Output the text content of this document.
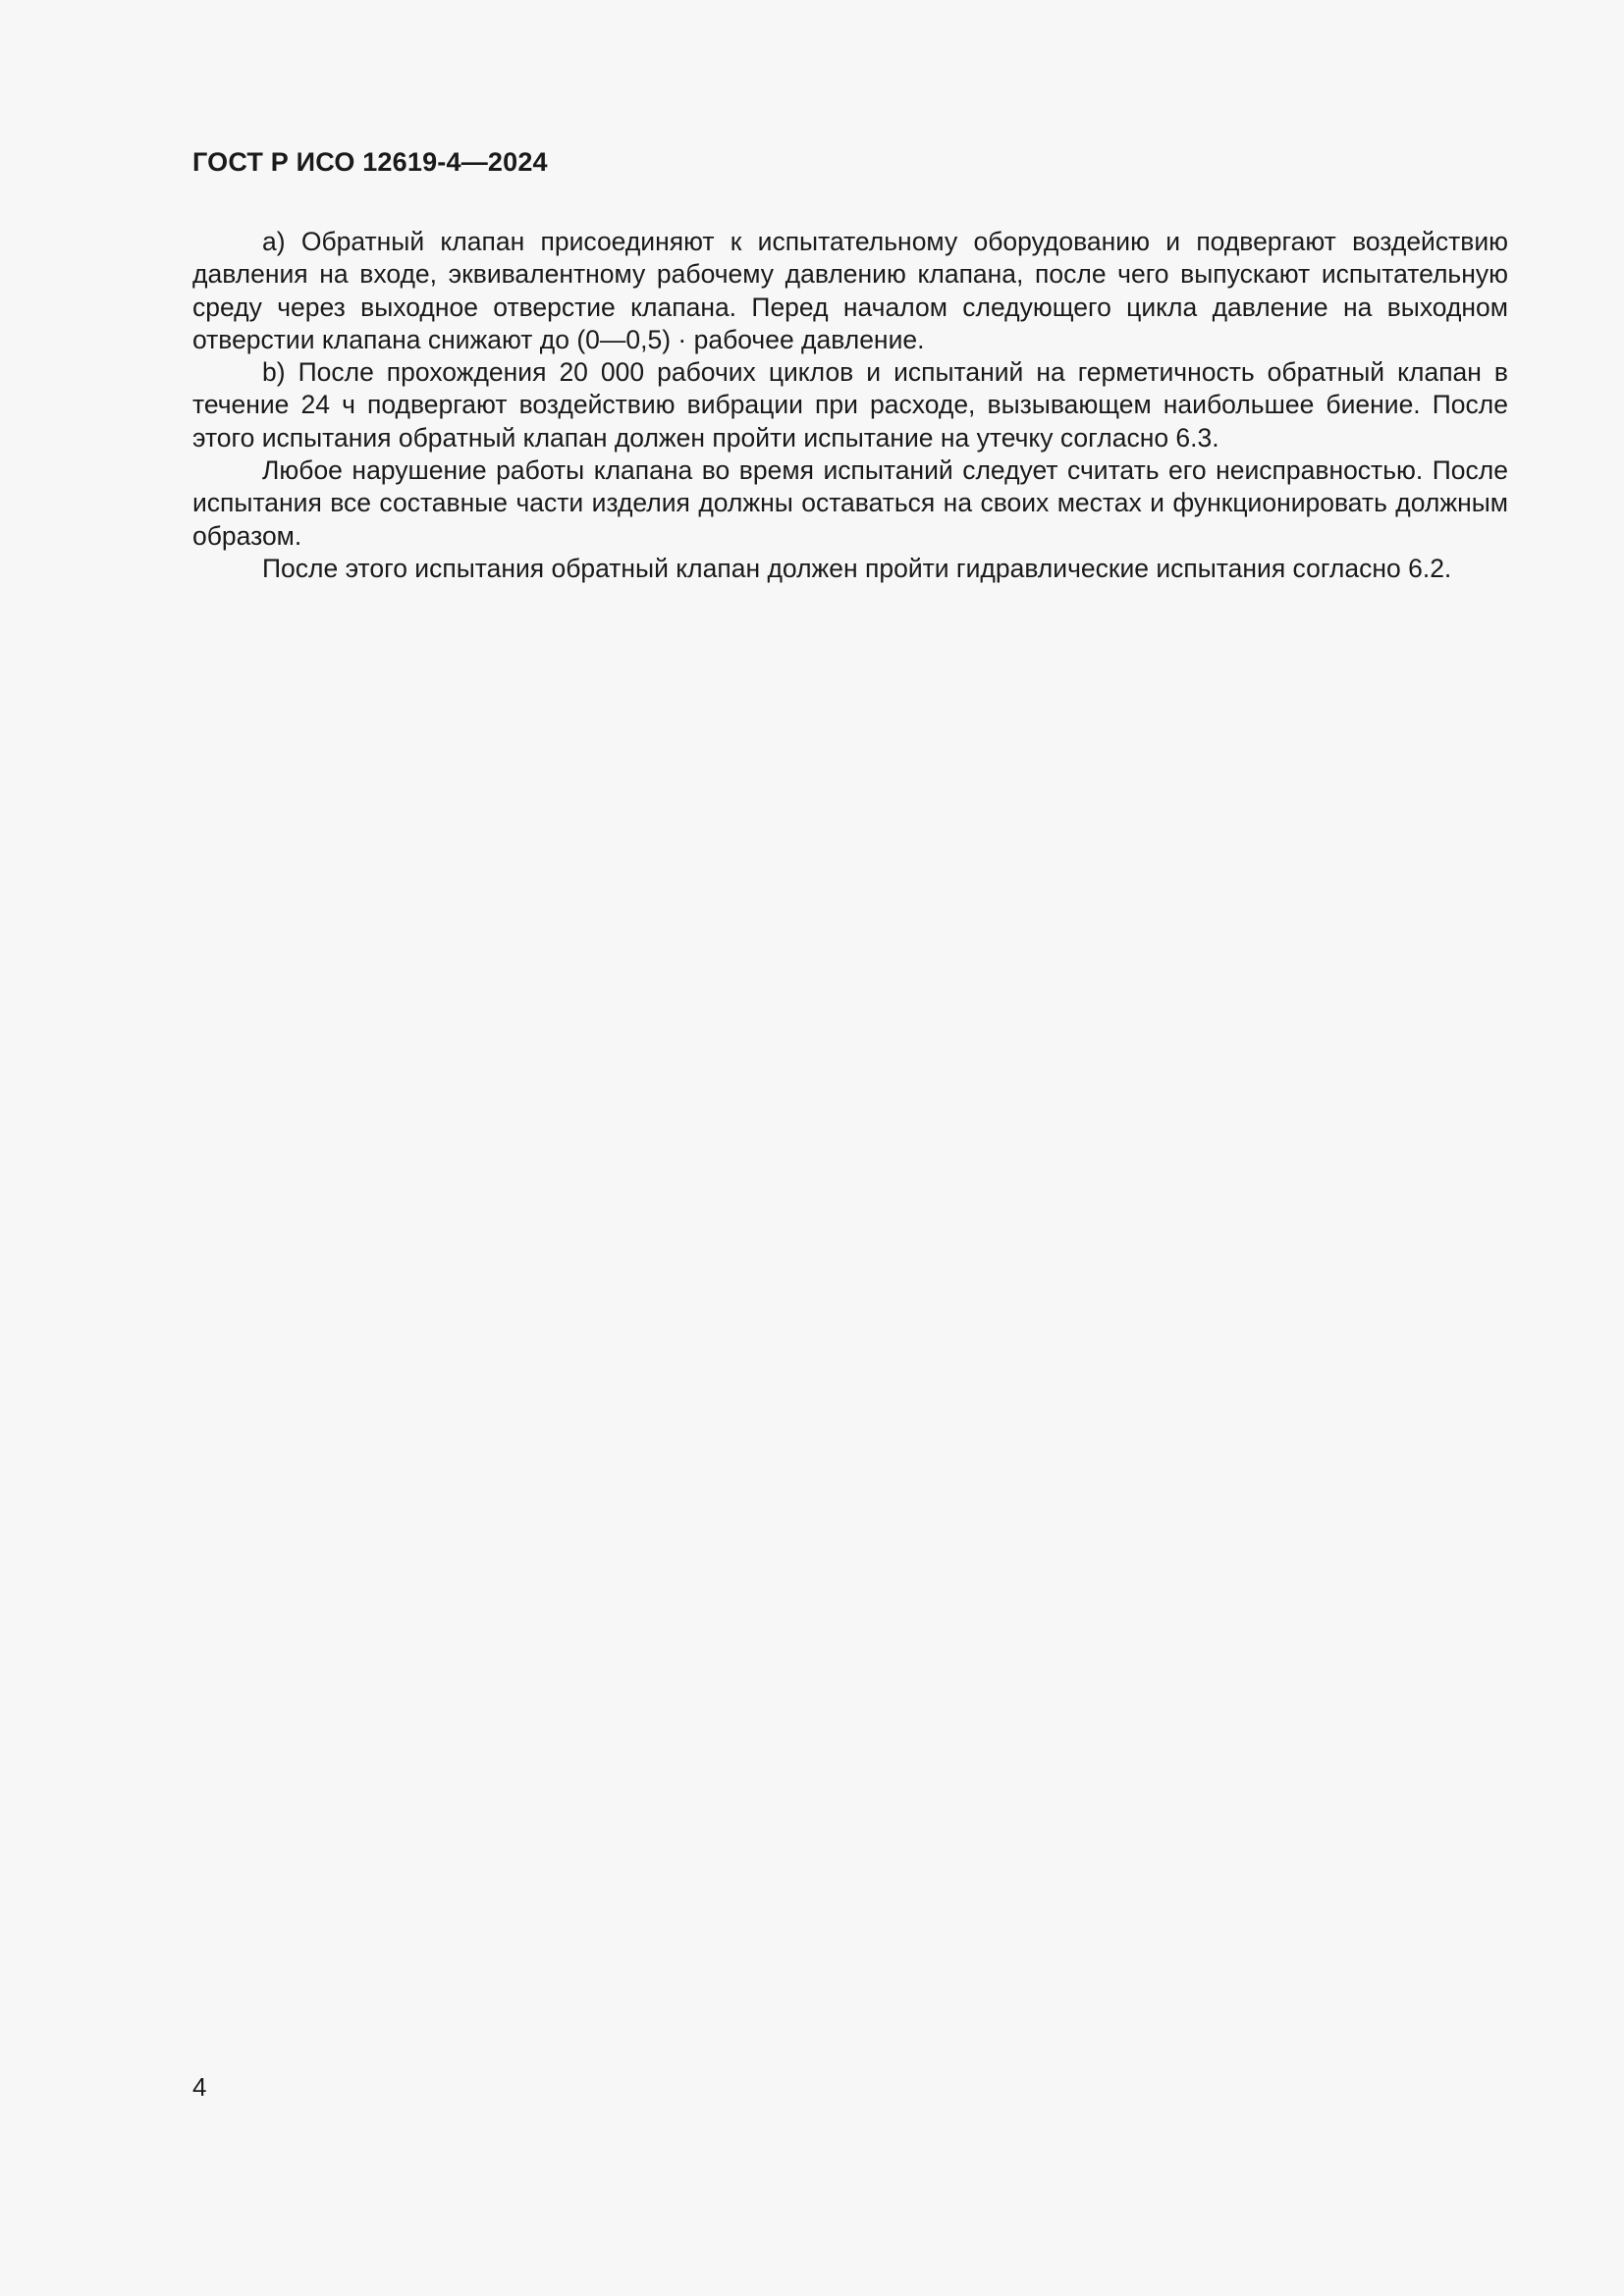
ГОСТ Р ИСО 12619-4—2024

a) Обратный клапан присоединяют к испытательному оборудованию и подвергают воздействию давления на входе, эквивалентному рабочему давлению клапана, после чего выпускают испытательную среду через выходное отверстие клапана. Перед началом следующего цикла давление на выходном отверстии клапана снижают до (0—0,5) · рабочее давление.

b) После прохождения 20 000 рабочих циклов и испытаний на герметичность обратный клапан в течение 24 ч подвергают воздействию вибрации при расходе, вызывающем наибольшее биение. После этого испытания обратный клапан должен пройти испытание на утечку согласно 6.3.

Любое нарушение работы клапана во время испытаний следует считать его неисправностью. После испытания все составные части изделия должны оставаться на своих местах и функционировать должным образом.

После этого испытания обратный клапан должен пройти гидравлические испытания согласно 6.2.

4
